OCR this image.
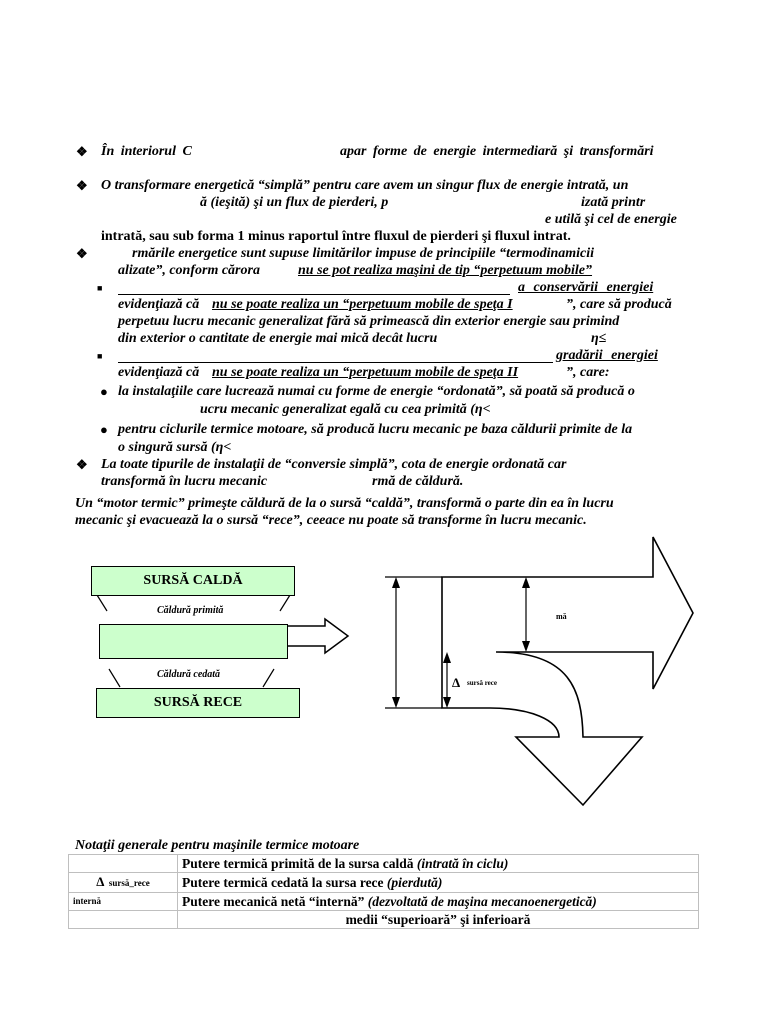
❖ În interiorul C	apar forme de energie intermediară şi transformări
❖ O transformare energetică “simplă” pentru care avem un singur flux de energie intrată, un
ă (ieşită) şi un flux de pierderi, p	izată printr
e utilă şi cel de energie
intrată, sau sub forma 1 minus raportul între fluxul de pierderi şi fluxul intrat.
❖	rmările energetice sunt supuse limitărilor impuse de principiile “termodinamicii
alizate”, conform cărora	nu se pot realiza maşini de tip “perpetuum mobile”
■	a conservării energiei
evidenţiază că nu se poate realiza un “perpetuum mobile de speţa I	”, care să producă
perpetuu lucru mecanic generalizat fără să primească din exterior energie sau primind
din exterior o cantitate de energie mai mică decât lucru	η≤
■	gradării energiei
evidenţiază că nu se poate realiza un “perpetuum mobile de speţa II	”, care:
● la instalaţiile care lucrează numai cu forme de energie “ordonată”, să poată să producă o
ucru mecanic generalizat egală cu cea primită (η<
● pentru ciclurile termice motoare, să producă lucru mecanic pe baza căldurii primite de la
o singură sursă (η<
❖ La toate tipurile de instalaţii de “conversie simplă”, cota de energie ordonată car
transformă în lucru mecanic	rmă de căldură.
Un “motor termic” primeşte căldură de la o sursă “caldă”, transformă o parte din ea în lucru
mecanic şi evacuează la o sursă “rece”, ceeace nu poate să transforme în lucru mecanic.
SURSĂ CALDĂ
Căldură primită
Căldură cedată
SURSĂ RECE
mă
Δ sursă rece
Notaţii generale pentru maşinile termice motoare
	Putere termică primită de la sursa caldă (intrată în ciclu)
Δ sursă_rece	Putere termică cedată la sursa rece (pierdută)
internă	Putere mecanică netă “internă” (dezvoltată de maşina mecanoenergetică)
	medii “superioară” şi inferioară
